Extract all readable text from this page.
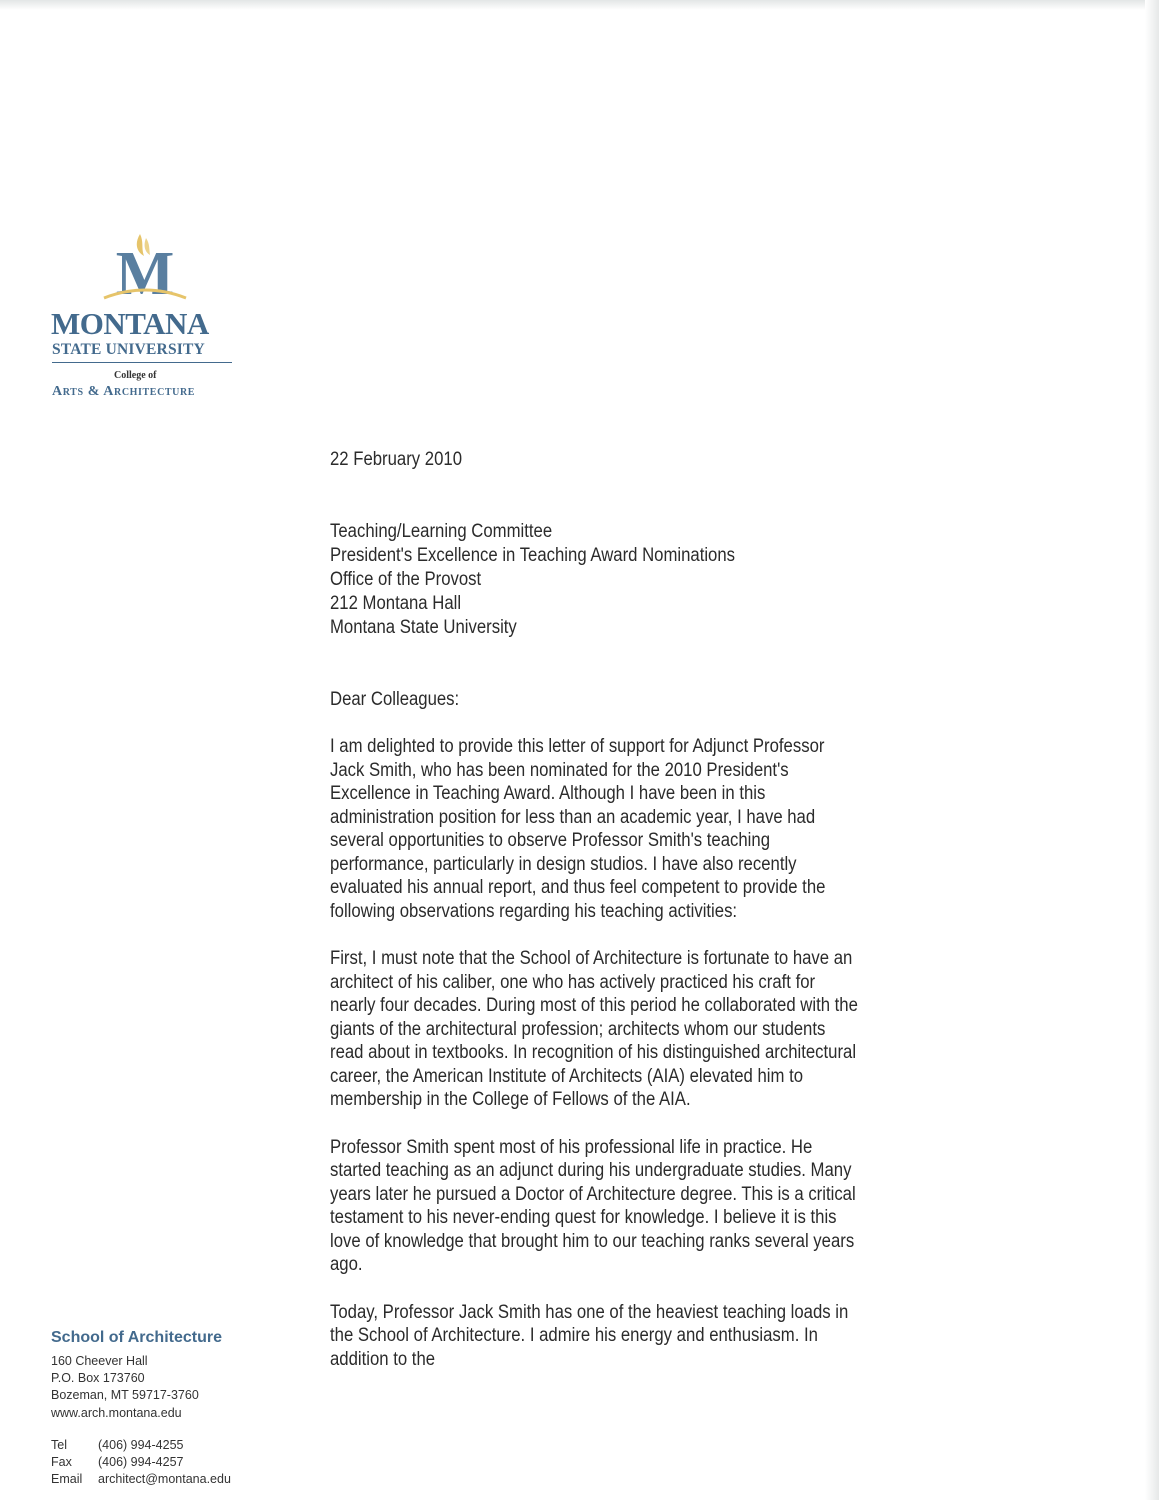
M
MONTANA
STATE UNIVERSITY
College of
Arts & Architecture

22 February 2010

Teaching/Learning Committee
President's Excellence in Teaching Award Nominations
Office of the Provost
212 Montana Hall
Montana State University

Dear Colleagues:

I am delighted to provide this letter of support for Adjunct Professor Jack Smith, who has been nominated for the 2010 President's Excellence in Teaching Award. Although I have been in this administration position for less than an academic year, I have had several opportunities to observe Professor Smith's teaching performance, particularly in design studios. I have also recently evaluated his annual report, and thus feel competent to provide the following observations regarding his teaching activities:

First, I must note that the School of Architecture is fortunate to have an architect of his caliber, one who has actively practiced his craft for nearly four decades. During most of this period he collaborated with the giants of the architectural profession; architects whom our students read about in textbooks. In recognition of his distinguished architectural career, the American Institute of Architects (AIA) elevated him to membership in the College of Fellows of the AIA.

Professor Smith spent most of his professional life in practice. He started teaching as an adjunct during his undergraduate studies. Many years later he pursued a Doctor of Architecture degree. This is a critical testament to his never-ending quest for knowledge. I believe it is this love of knowledge that brought him to our teaching ranks several years ago.

Today, Professor Jack Smith has one of the heaviest teaching loads in the School of Architecture. I admire his energy and enthusiasm. In addition to the

School of Architecture
160 Cheever Hall
P.O. Box 173760
Bozeman, MT 59717-3760
www.arch.montana.edu
Tel	(406) 994-4255
Fax	(406) 994-4257
Email	architect@montana.edu
